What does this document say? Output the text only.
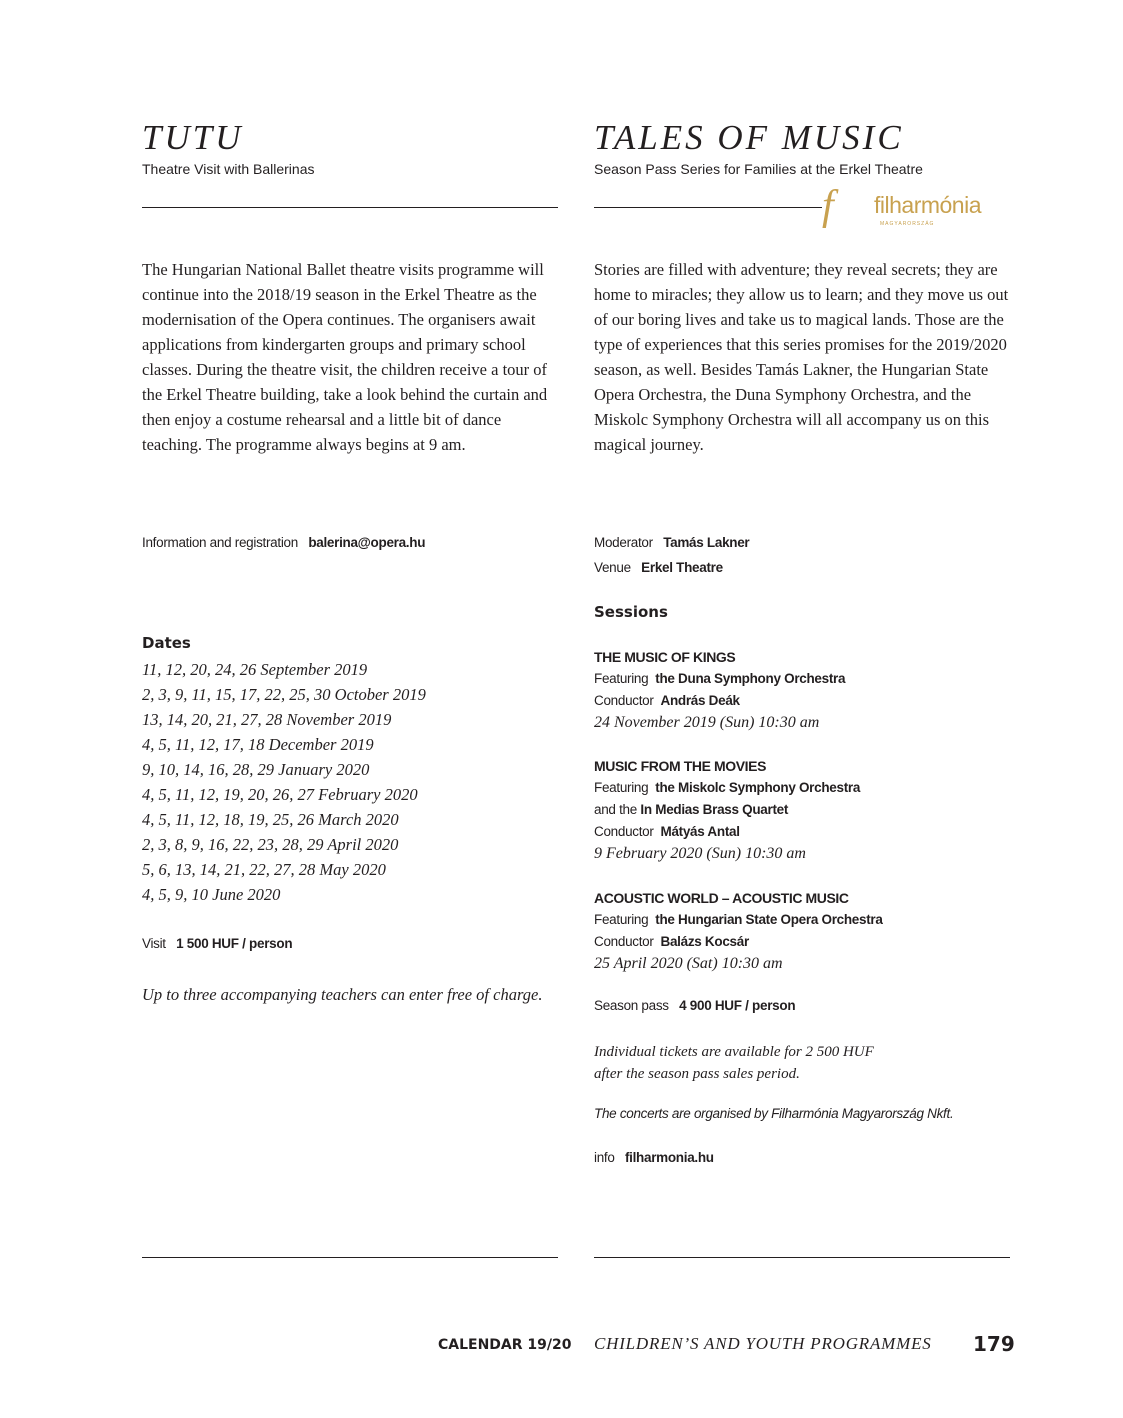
TUTU
Theatre Visit with Ballerinas
TALES OF MUSIC
Season Pass Series for Families at the Erkel Theatre
f filharmónia
MAGYARORSZÁG

The Hungarian National Ballet theatre visits programme will continue into the 2018/19 season in the Erkel Theatre as the modernisation of the Opera continues. The organisers await applications from kindergarten groups and primary school classes. During the theatre visit, the children receive a tour of the Erkel Theatre building, take a look behind the curtain and then enjoy a costume rehearsal and a little bit of dance teaching. The programme always begins at 9 am.

Stories are filled with adventure; they reveal secrets; they are home to miracles; they allow us to learn; and they move us out of our boring lives and take us to magical lands. Those are the type of experiences that this series promises for the 2019/2020 season, as well. Besides Tamás Lakner, the Hungarian State Opera Orchestra, the Duna Symphony Orchestra, and the Miskolc Symphony Orchestra will all accompany us on this magical journey.

Information and registration balerina@opera.hu
Dates
11, 12, 20, 24, 26 September 2019
2, 3, 9, 11, 15, 17, 22, 25, 30 October 2019
13, 14, 20, 21, 27, 28 November 2019
4, 5, 11, 12, 17, 18 December 2019
9, 10, 14, 16, 28, 29 January 2020
4, 5, 11, 12, 19, 20, 26, 27 February 2020
4, 5, 11, 12, 18, 19, 25, 26 March 2020
2, 3, 8, 9, 16, 22, 23, 28, 29 April 2020
5, 6, 13, 14, 21, 22, 27, 28 May 2020
4, 5, 9, 10 June 2020
Visit 1 500 HUF / person
Up to three accompanying teachers can enter free of charge.
Moderator Tamás Lakner
Venue Erkel Theatre
Sessions
THE MUSIC OF KINGS
Featuring the Duna Symphony Orchestra
Conductor András Deák
24 November 2019 (Sun) 10:30 am
MUSIC FROM THE MOVIES
Featuring the Miskolc Symphony Orchestra
and the In Medias Brass Quartet
Conductor Mátyás Antal
9 February 2020 (Sun) 10:30 am
ACOUSTIC WORLD – ACOUSTIC MUSIC
Featuring the Hungarian State Opera Orchestra
Conductor Balázs Kocsár
25 April 2020 (Sat) 10:30 am
Season pass 4 900 HUF / person
Individual tickets are available for 2 500 HUF
after the season pass sales period.
The concerts are organised by Filharmónia Magyarország Nkft.
info filharmonia.hu
CALENDAR 19/20 CHILDREN’S AND YOUTH PROGRAMMES 179
